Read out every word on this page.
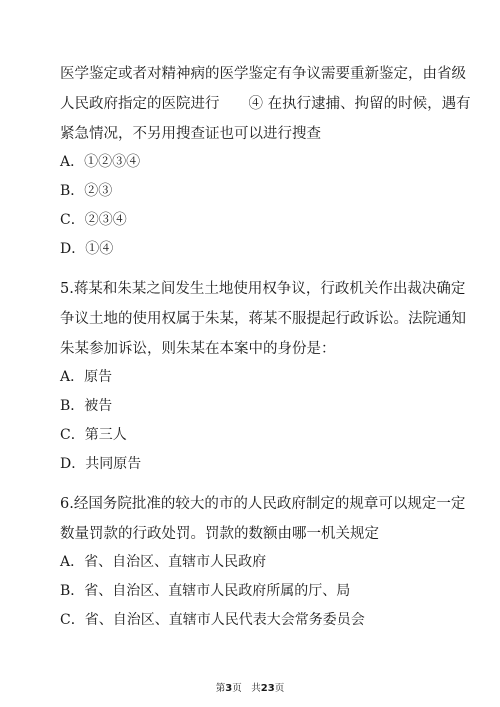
医学鉴定或者对精神病的医学鉴定有争议需要重新鉴定，由省级
人民政府指定的医院进行　　④ 在执行逮捕、拘留的时候，遇有
紧急情况，不另用搜查证也可以进行搜查
A．①②③④
B．②③
C．②③④
D．①④
5.蒋某和朱某之间发生土地使用权争议，行政机关作出裁决确定
争议土地的使用权属于朱某，蒋某不服提起行政诉讼。法院通知
朱某参加诉讼，则朱某在本案中的身份是：
A．原告
B．被告
C．第三人
D．共同原告
6.经国务院批准的较大的市的人民政府制定的规章可以规定一定
数量罚款的行政处罚。罚款的数额由哪一机关规定
A．省、自治区、直辖市人民政府
B．省、自治区、直辖市人民政府所属的厅、局
C．省、自治区、直辖市人民代表大会常务委员会
第3页　共23页
